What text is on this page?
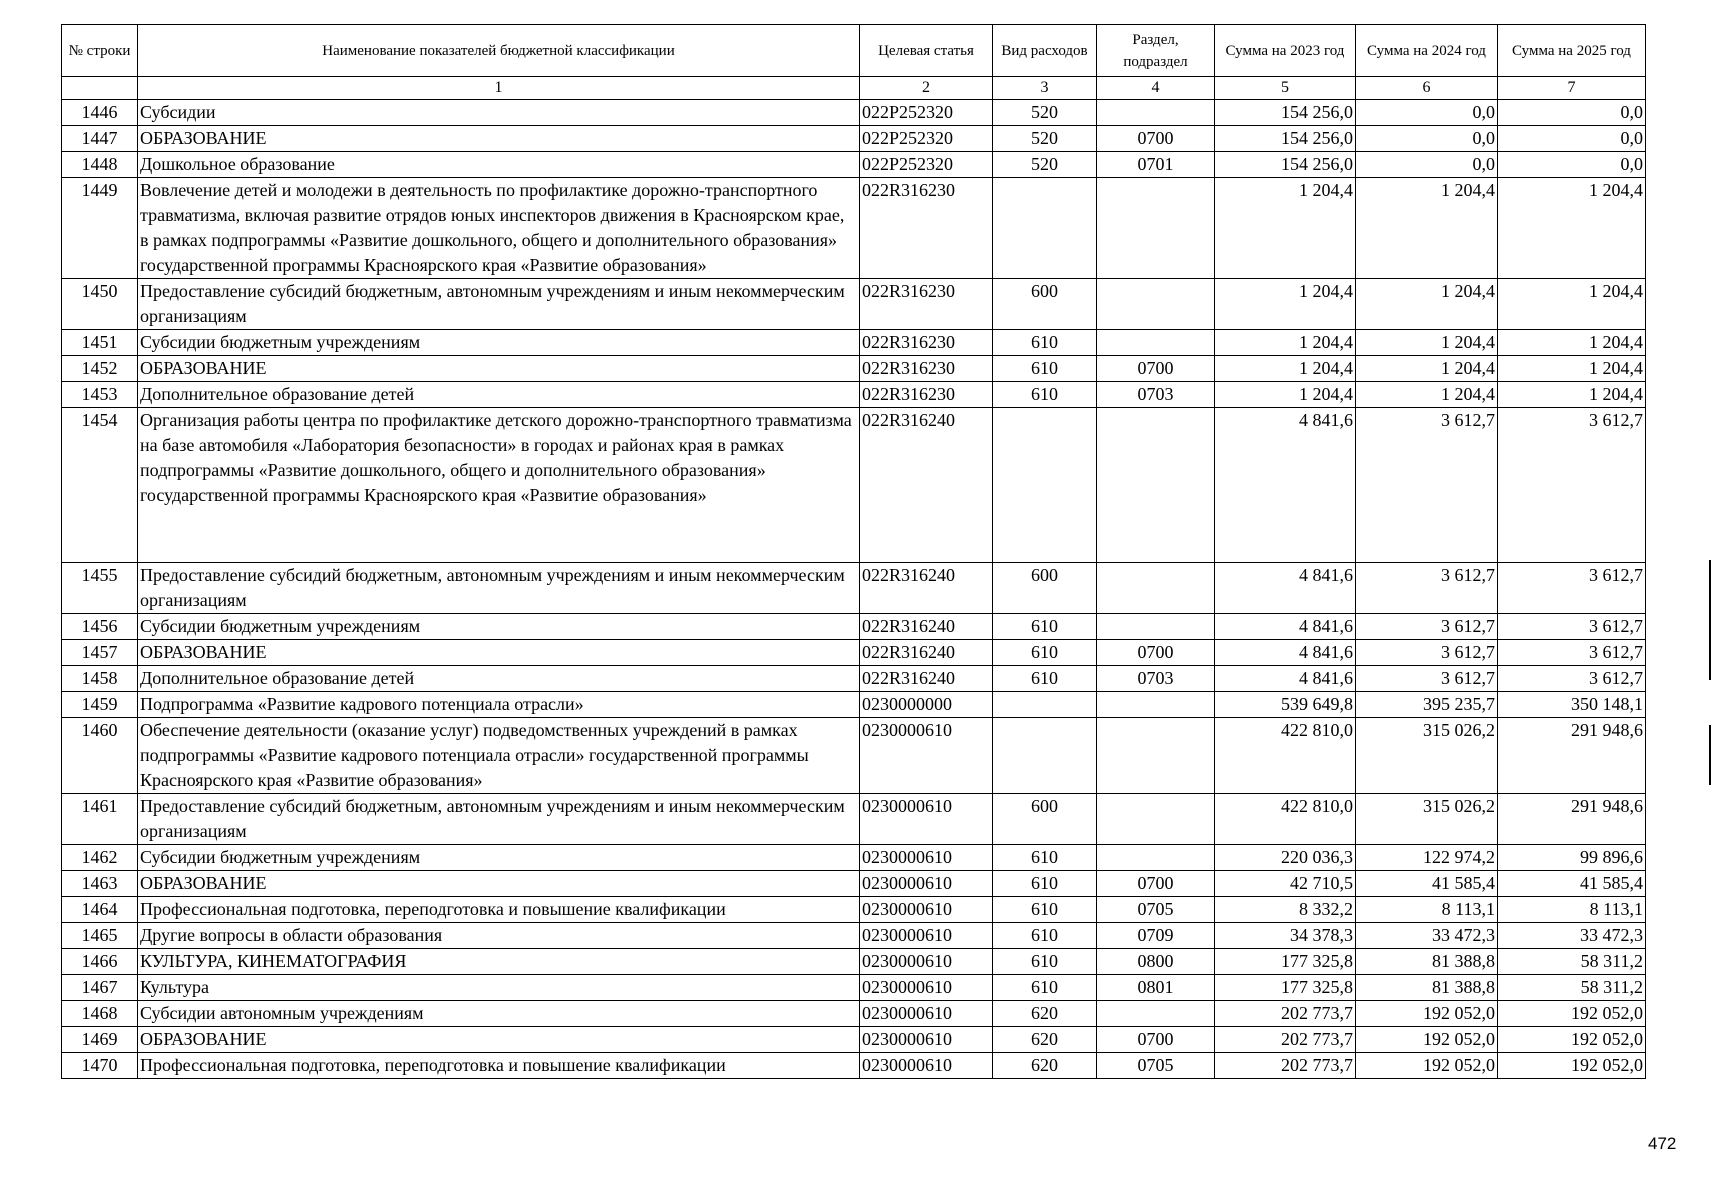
№ строки	Наименование показателей бюджетной классификации	Целевая статья	Вид расходов	Раздел, подраздел	Сумма на 2023 год	Сумма на 2024 год	Сумма на 2025 год
	1	2	3	4	5	6	7
1446	Субсидии	022P252320	520		154 256,0	0,0	0,0
1447	ОБРАЗОВАНИЕ	022P252320	520	0700	154 256,0	0,0	0,0
1448	Дошкольное образование	022P252320	520	0701	154 256,0	0,0	0,0
1449	Вовлечение детей и молодежи в деятельность по профилактике дорожно-транспортного травматизма, включая развитие отрядов юных инспекторов движения в Красноярском крае, в рамках подпрограммы «Развитие дошкольного, общего и дополнительного образования» государственной программы Красноярского края «Развитие образования»	022R316230			1 204,4	1 204,4	1 204,4
1450	Предоставление субсидий бюджетным, автономным учреждениям и иным некоммерческим организациям	022R316230	600		1 204,4	1 204,4	1 204,4
1451	Субсидии бюджетным учреждениям	022R316230	610		1 204,4	1 204,4	1 204,4
1452	ОБРАЗОВАНИЕ	022R316230	610	0700	1 204,4	1 204,4	1 204,4
1453	Дополнительное образование детей	022R316230	610	0703	1 204,4	1 204,4	1 204,4
1454	Организация работы центра по профилактике детского дорожно-транспортного травматизма на базе автомобиля «Лаборатория безопасности» в городах и районах края в рамках подпрограммы «Развитие дошкольного, общего и дополнительного образования» государственной программы Красноярского края «Развитие образования»	022R316240			4 841,6	3 612,7	3 612,7
1455	Предоставление субсидий бюджетным, автономным учреждениям и иным некоммерческим организациям	022R316240	600		4 841,6	3 612,7	3 612,7
1456	Субсидии бюджетным учреждениям	022R316240	610		4 841,6	3 612,7	3 612,7
1457	ОБРАЗОВАНИЕ	022R316240	610	0700	4 841,6	3 612,7	3 612,7
1458	Дополнительное образование детей	022R316240	610	0703	4 841,6	3 612,7	3 612,7
1459	Подпрограмма «Развитие кадрового потенциала отрасли»	0230000000			539 649,8	395 235,7	350 148,1
1460	Обеспечение деятельности (оказание услуг) подведомственных учреждений в рамках подпрограммы «Развитие кадрового потенциала отрасли» государственной программы Красноярского края «Развитие образования»	0230000610			422 810,0	315 026,2	291 948,6
1461	Предоставление субсидий бюджетным, автономным учреждениям и иным некоммерческим организациям	0230000610	600		422 810,0	315 026,2	291 948,6
1462	Субсидии бюджетным учреждениям	0230000610	610		220 036,3	122 974,2	99 896,6
1463	ОБРАЗОВАНИЕ	0230000610	610	0700	42 710,5	41 585,4	41 585,4
1464	Профессиональная подготовка, переподготовка и повышение квалификации	0230000610	610	0705	8 332,2	8 113,1	8 113,1
1465	Другие вопросы в области образования	0230000610	610	0709	34 378,3	33 472,3	33 472,3
1466	КУЛЬТУРА, КИНЕМАТОГРАФИЯ	0230000610	610	0800	177 325,8	81 388,8	58 311,2
1467	Культура	0230000610	610	0801	177 325,8	81 388,8	58 311,2
1468	Субсидии автономным учреждениям	0230000610	620		202 773,7	192 052,0	192 052,0
1469	ОБРАЗОВАНИЕ	0230000610	620	0700	202 773,7	192 052,0	192 052,0
1470	Профессиональная подготовка, переподготовка и повышение квалификации	0230000610	620	0705	202 773,7	192 052,0	192 052,0
472
